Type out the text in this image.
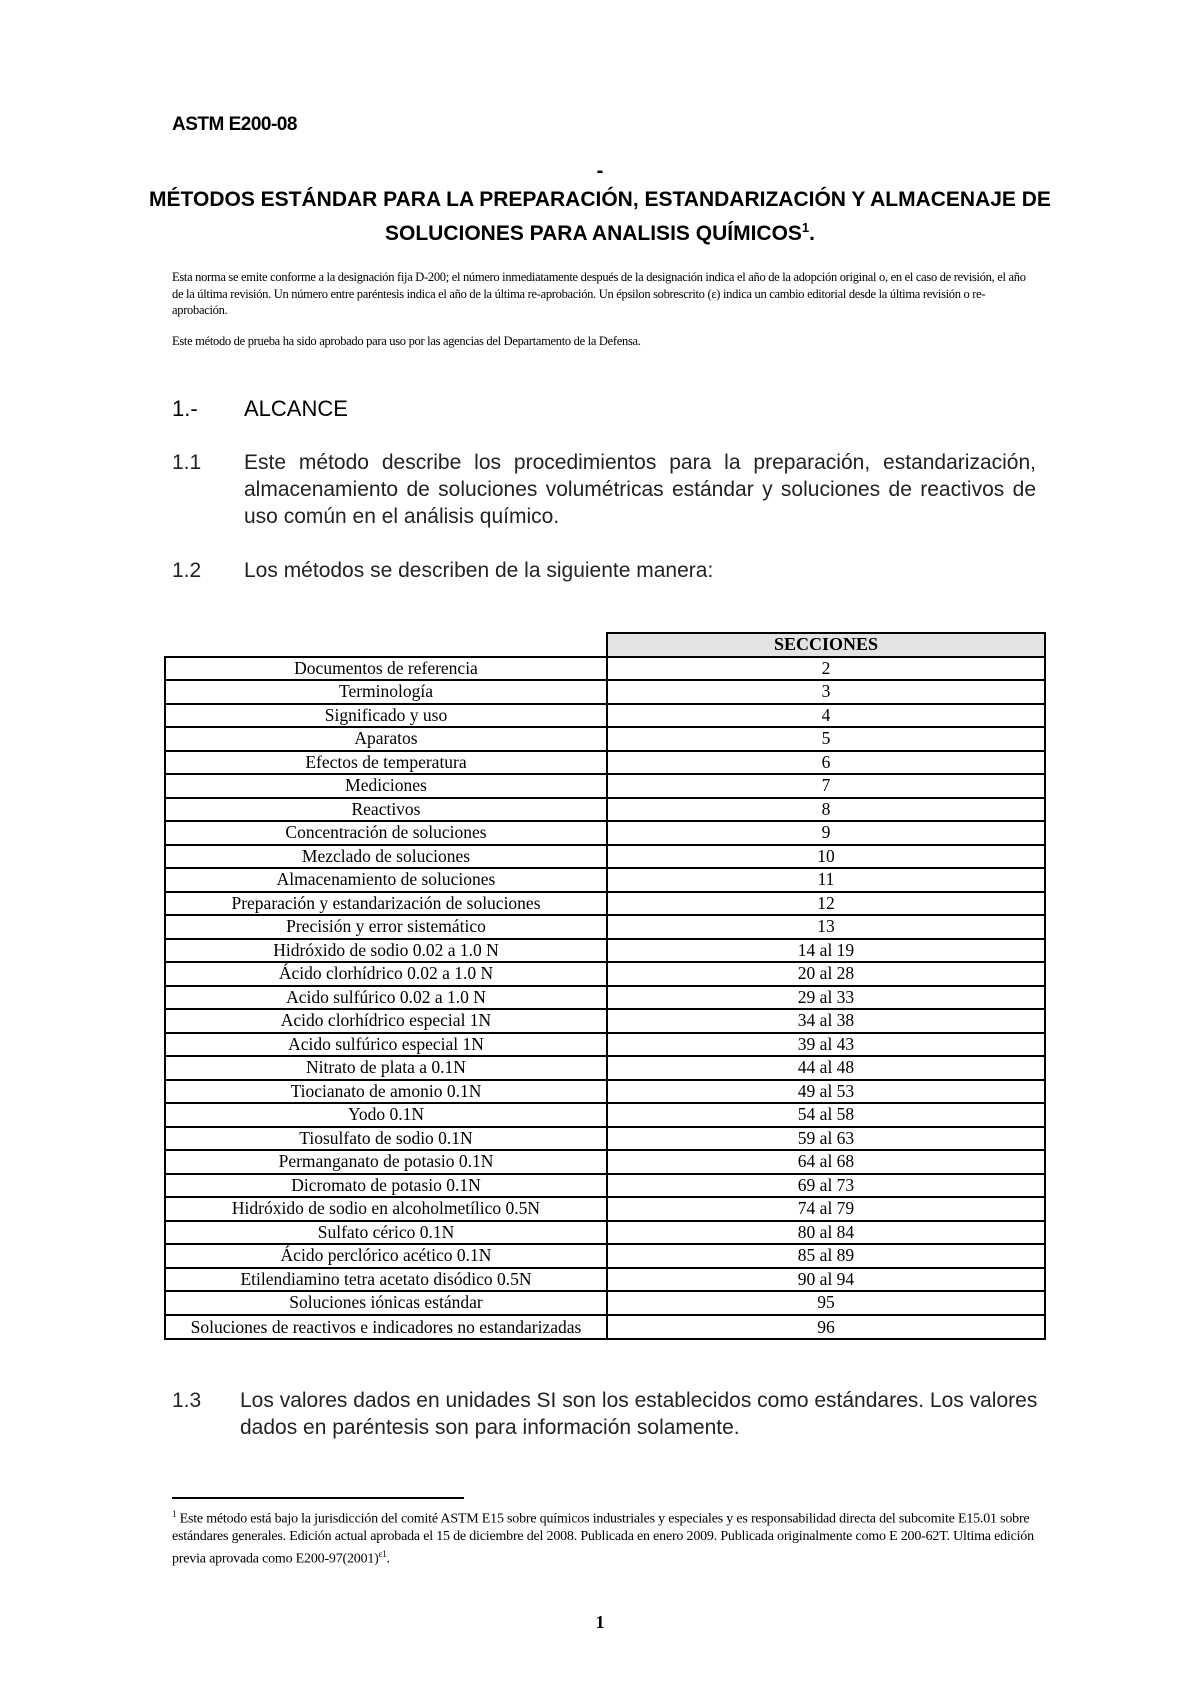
ASTM E200-08
-
MÉTODOS ESTÁNDAR PARA LA PREPARACIÓN, ESTANDARIZACIÓN Y ALMACENAJE DE SOLUCIONES PARA ANALISIS QUÍMICOS$^1$.
Esta norma se emite conforme a la designación fija D-200; el número inmediatamente después de la designación indica el año de la adopción original o, en el caso de revisión, el año de la última revisión. Un número entre paréntesis indica el año de la última re-aprobación. Un épsilon sobrescrito (ε) indica un cambio editorial desde la última revisión o re-aprobación.
Este método de prueba ha sido aprobado para uso por las agencias del Departamento de la Defensa.
1.- ALCANCE
1.1 Este método describe los procedimientos para la preparación, estandarización, almacenamiento de soluciones volumétricas estándar y soluciones de reactivos de uso común en el análisis químico.
1.2 Los métodos se describen de la siguiente manera:
	SECCIONES
Documentos de referencia	2
Terminología	3
Significado y uso	4
Aparatos	5
Efectos de temperatura	6
Mediciones	7
Reactivos	8
Concentración de soluciones	9
Mezclado de soluciones	10
Almacenamiento de soluciones	11
Preparación y estandarización de soluciones	12
Precisión y error sistemático	13
Hidróxido de sodio 0.02 a 1.0 N	14 al 19
Ácido clorhídrico 0.02 a 1.0 N	20 al 28
Acido sulfúrico 0.02 a 1.0 N	29 al 33
Acido clorhídrico especial 1N	34 al 38
Acido sulfúrico especial 1N	39 al 43
Nitrato de plata a 0.1N	44 al 48
Tiocianato de amonio 0.1N	49 al 53
Yodo 0.1N	54 al 58
Tiosulfato de sodio 0.1N	59 al 63
Permanganato de potasio 0.1N	64 al 68
Dicromato de potasio 0.1N	69 al 73
Hidróxido de sodio en alcoholmetílico 0.5N	74 al 79
Sulfato cérico 0.1N	80 al 84
Ácido perclórico acético 0.1N	85 al 89
Etilendiamino tetra acetato disódico 0.5N	90 al 94
Soluciones iónicas estándar	95
Soluciones de reactivos e indicadores no estandarizadas	96
1.3 Los valores dados en unidades SI son los establecidos como estándares. Los valores dados en paréntesis son para información solamente.
$^1$ Este método está bajo la jurisdicción del comité ASTM E15 sobre químicos industriales y especiales y es responsabilidad directa del subcomite E15.01 sobre estándares generales. Edición actual aprobada el 15 de diciembre del 2008. Publicada en enero 2009. Publicada originalmente como E 200-62T. Ultima edición previa aprovada como $E200-97(2001)^{\varepsilon 1}$.
1
